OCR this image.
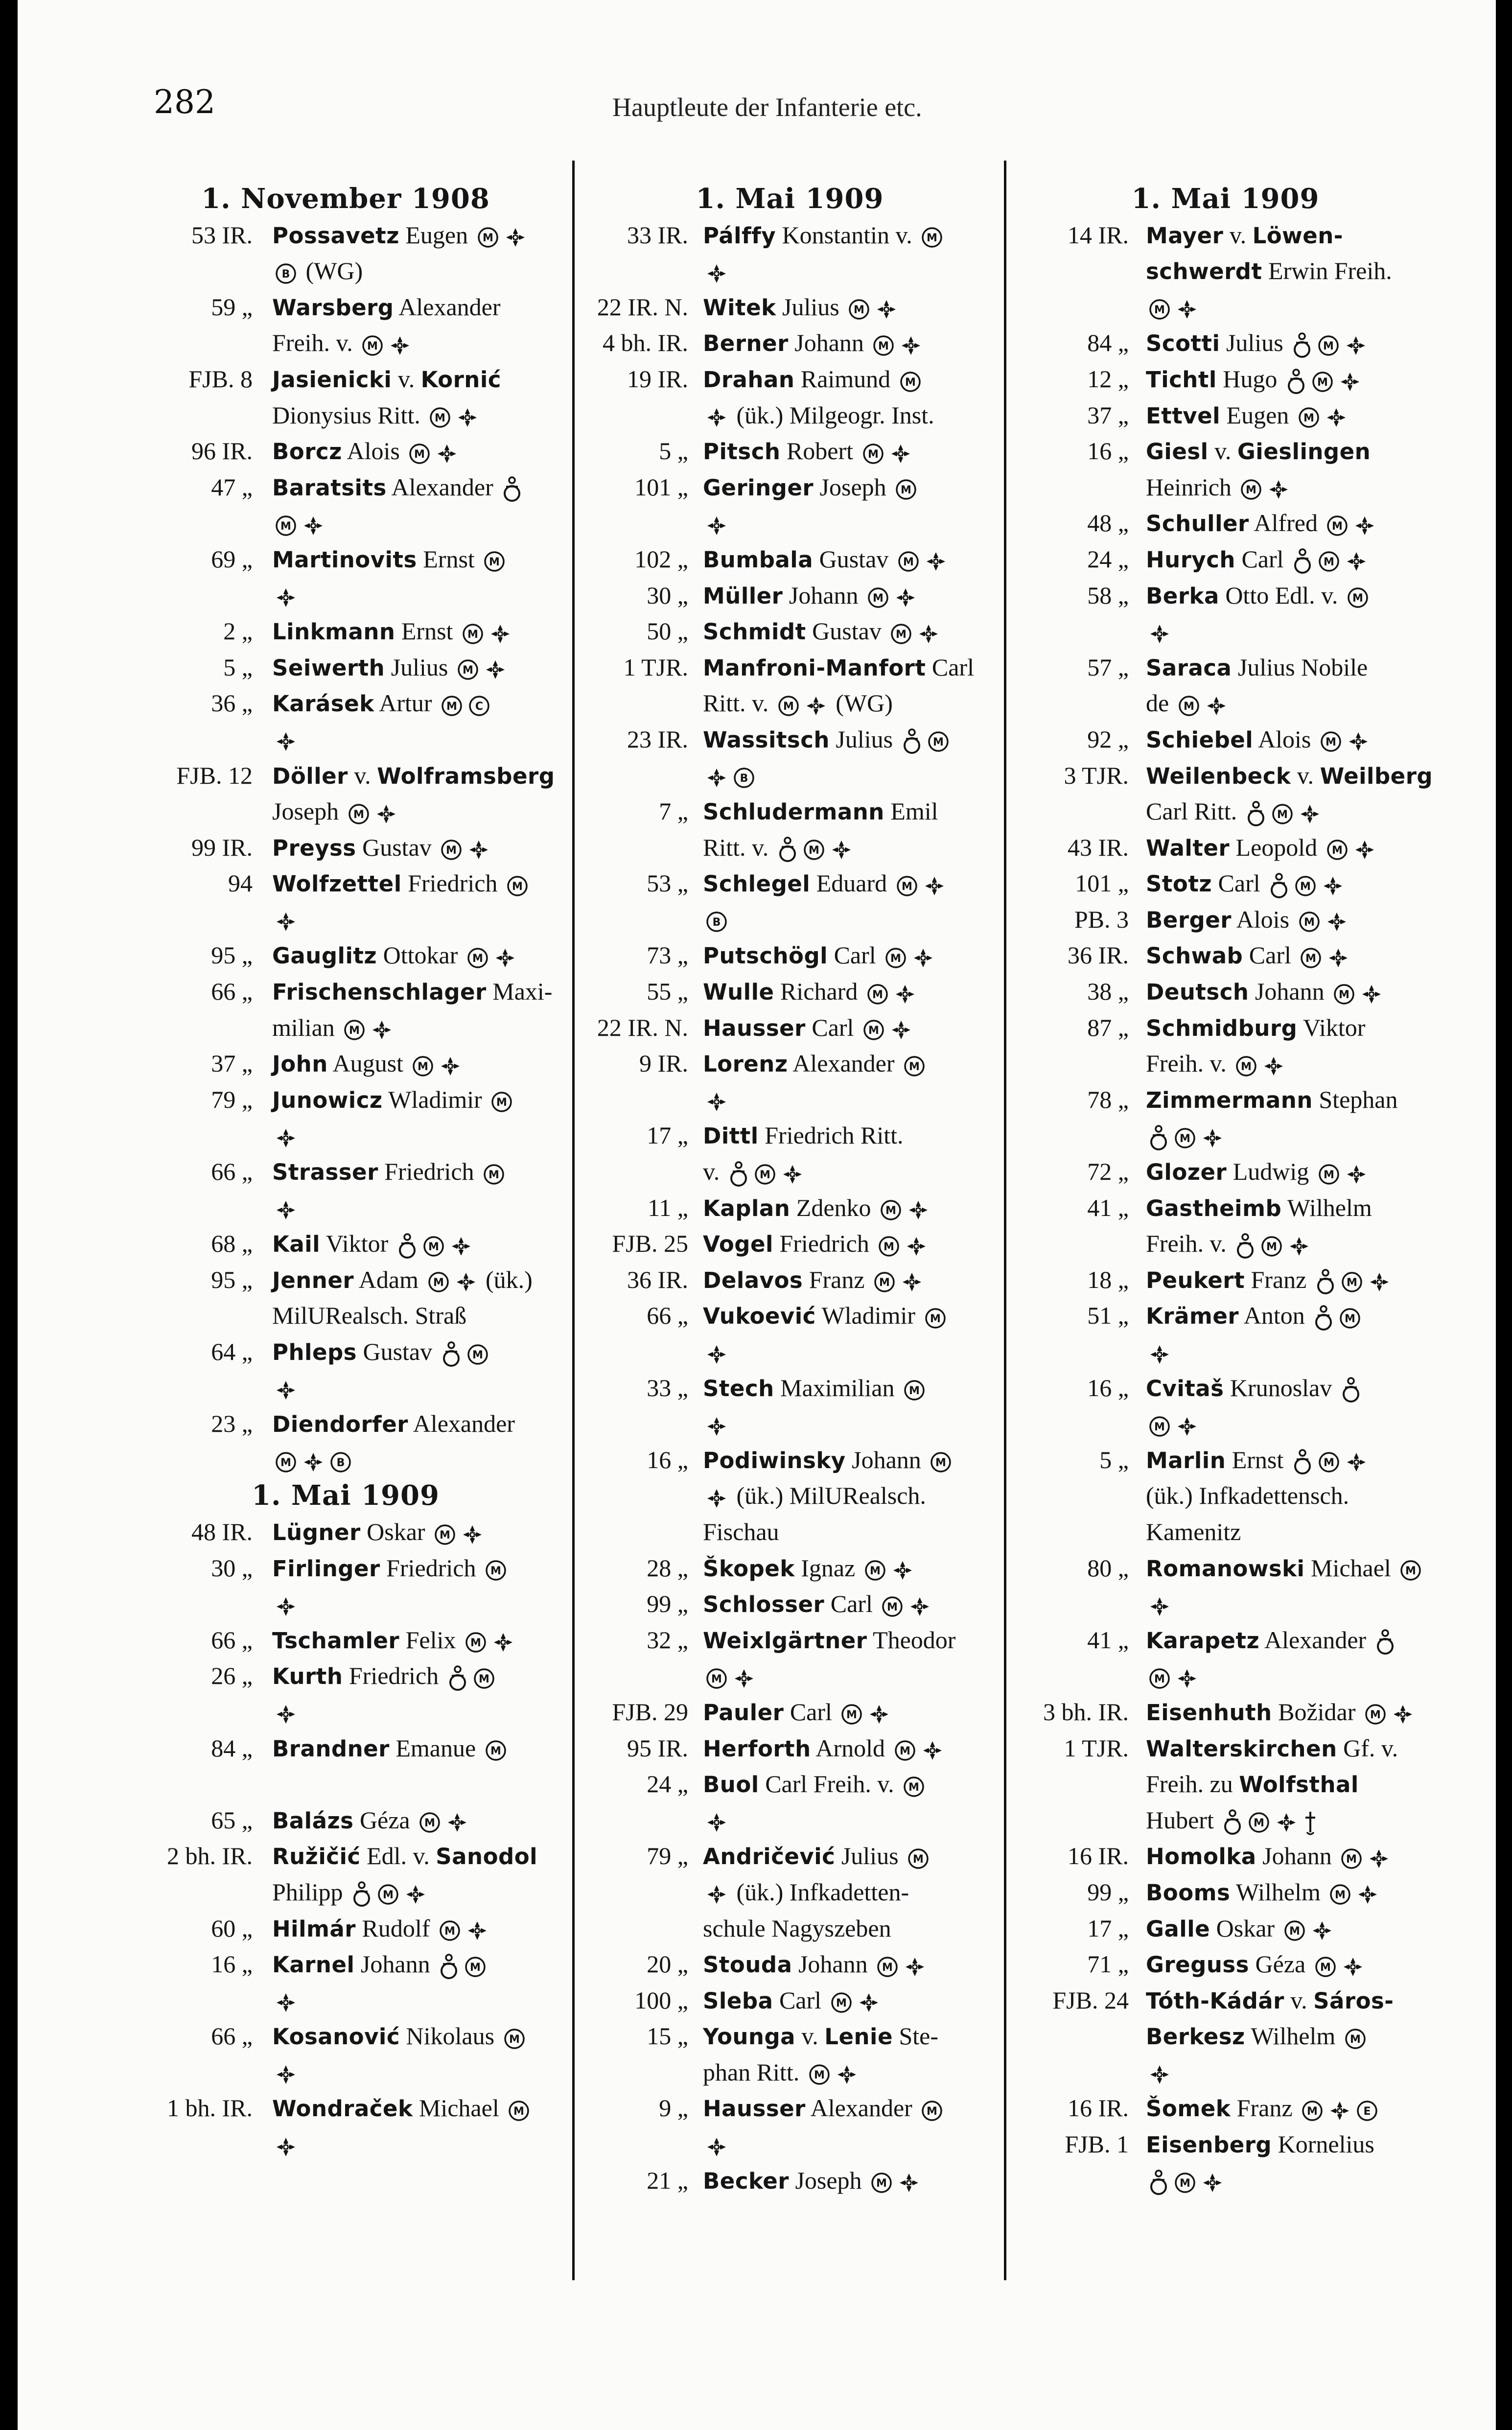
282	Hauptleute der Infanterie etc.
1. November 1908
53 IR. Possavetz Eugen M
B (WG)
59 „ Warsberg Alexander
Freih. v. M
FJB. 8 Jasienicki v. Kornić
Dionysius Ritt. M
96 IR. Borcz Alois M
47 „ Baratsits Alexander
M
69 „ Martinovits Ernst M
2 „ Linkmann Ernst M
5 „ Seiwerth Julius M
36 „ Karásek Artur M C
FJB. 12 Döller v. Wolframsberg
Joseph M
99 IR. Preyss Gustav M
94 Wolfzettel Friedrich M
95 „ Gauglitz Ottokar M
66 „ Frischenschlager Maxi-
milian M
37 „ John August M
79 „ Junowicz Wladimir M
66 „ Strasser Friedrich M
68 „ Kail Viktor	M
95 „ Jenner Adam M (ük.)
MilURealsch. Straß
64 „ Phleps Gustav	M
23 „ Diendorfer Alexander
M	B
1. Mai 1909
48 IR. Lügner Oskar M
30 „ Firlinger Friedrich M
66 „ Tschamler Felix M
26 „ Kurth Friedrich	M
84 „ Brandner Emanue M
65 „ Balázs Géza M
2 bh. IR. Ružičić Edl. v. Sanodol
Philipp	M
60 „ Hilmár Rudolf M
16 „ Karnel Johann	M
66 „ Kosanović Nikolaus M
1 bh. IR. Wondraček Michael M
1. Mai 1909
33 IR. Pálffy Konstantin v. M
22 IR. N. Witek Julius M
4 bh. IR. Berner Johann M
19 IR. Drahan Raimund M
(ük.) Milgeogr. Inst.
5 „ Pitsch Robert M
101 „ Geringer Joseph M
102 „ Bumbala Gustav M
30 „ Müller Johann M
50 „ Schmidt Gustav M
1 TJR. Manfroni-Manfort Carl
Ritt. v. M (WG)
23 IR. Wassitsch Julius	M
B
7 „ Schludermann Emil
Ritt. v.	M
53 „ Schlegel Eduard M
B
73 „ Putschögl Carl M
55 „ Wulle Richard M
22 IR. N. Hausser Carl M
9 IR. Lorenz Alexander M
17 „ Dittl Friedrich Ritt.
v.	M
11 „ Kaplan Zdenko M
FJB. 25 Vogel Friedrich M
36 IR. Delavos Franz M
66 „ Vukoević Wladimir M
33 „ Stech Maximilian M
16 „ Podiwinsky Johann M
(ük.) MilURealsch.
Fischau
28 „ Škopek Ignaz M
99 „ Schlosser Carl M
32 „ Weixlgärtner Theodor
M
FJB. 29 Pauler Carl M
95 IR. Herforth Arnold M
24 „ Buol Carl Freih. v. M
79 „ Andričević Julius M
(ük.) Infkadetten-
schule Nagyszeben
20 „ Stouda Johann M
100 „ Sleba Carl M
15 „ Younga v. Lenie Ste-
phan Ritt. M
9 „ Hausser Alexander M
21 „ Becker Joseph M
1. Mai 1909
14 IR. Mayer v. Löwen-
schwerdt Erwin Freih.
M
84 „ Scotti Julius	M
12 „ Tichtl Hugo	M
37 „ Ettvel Eugen M
16 „ Giesl v. Gieslingen
Heinrich M
48 „ Schuller Alfred M
24 „ Hurych Carl	M
58 „ Berka Otto Edl. v. M
57 „ Saraca Julius Nobile
de M
92 „ Schiebel Alois M
3 TJR. Weilenbeck v. Weilberg
Carl Ritt.	M
43 IR. Walter Leopold M
101 „ Stotz Carl	M
PB. 3 Berger Alois M
36 IR. Schwab Carl M
38 „ Deutsch Johann M
87 „ Schmidburg Viktor
Freih. v. M
78 „ Zimmermann Stephan
M
72 „ Glozer Ludwig M
41 „ Gastheimb Wilhelm
Freih. v.	M
18 „ Peukert Franz	M
51 „ Krämer Anton	M
16 „ Cvitaš Krunoslav
M
5 „ Marlin Ernst	M
(ük.) Infkadettensch.
Kamenitz
80 „ Romanowski Michael M
41 „ Karapetz Alexander
M
3 bh. IR. Eisenhuth Božidar M
1 TJR. Walterskirchen Gf. v.
Freih. zu Wolfsthal
Hubert	M
16 IR. Homolka Johann M
99 „ Booms Wilhelm M
17 „ Galle Oskar M
71 „ Greguss Géza M
FJB. 24 Tóth-Kádár v. Sáros-
Berkesz Wilhelm M
16 IR. Šomek Franz M	E
FJB. 1 Eisenberg Kornelius
M
